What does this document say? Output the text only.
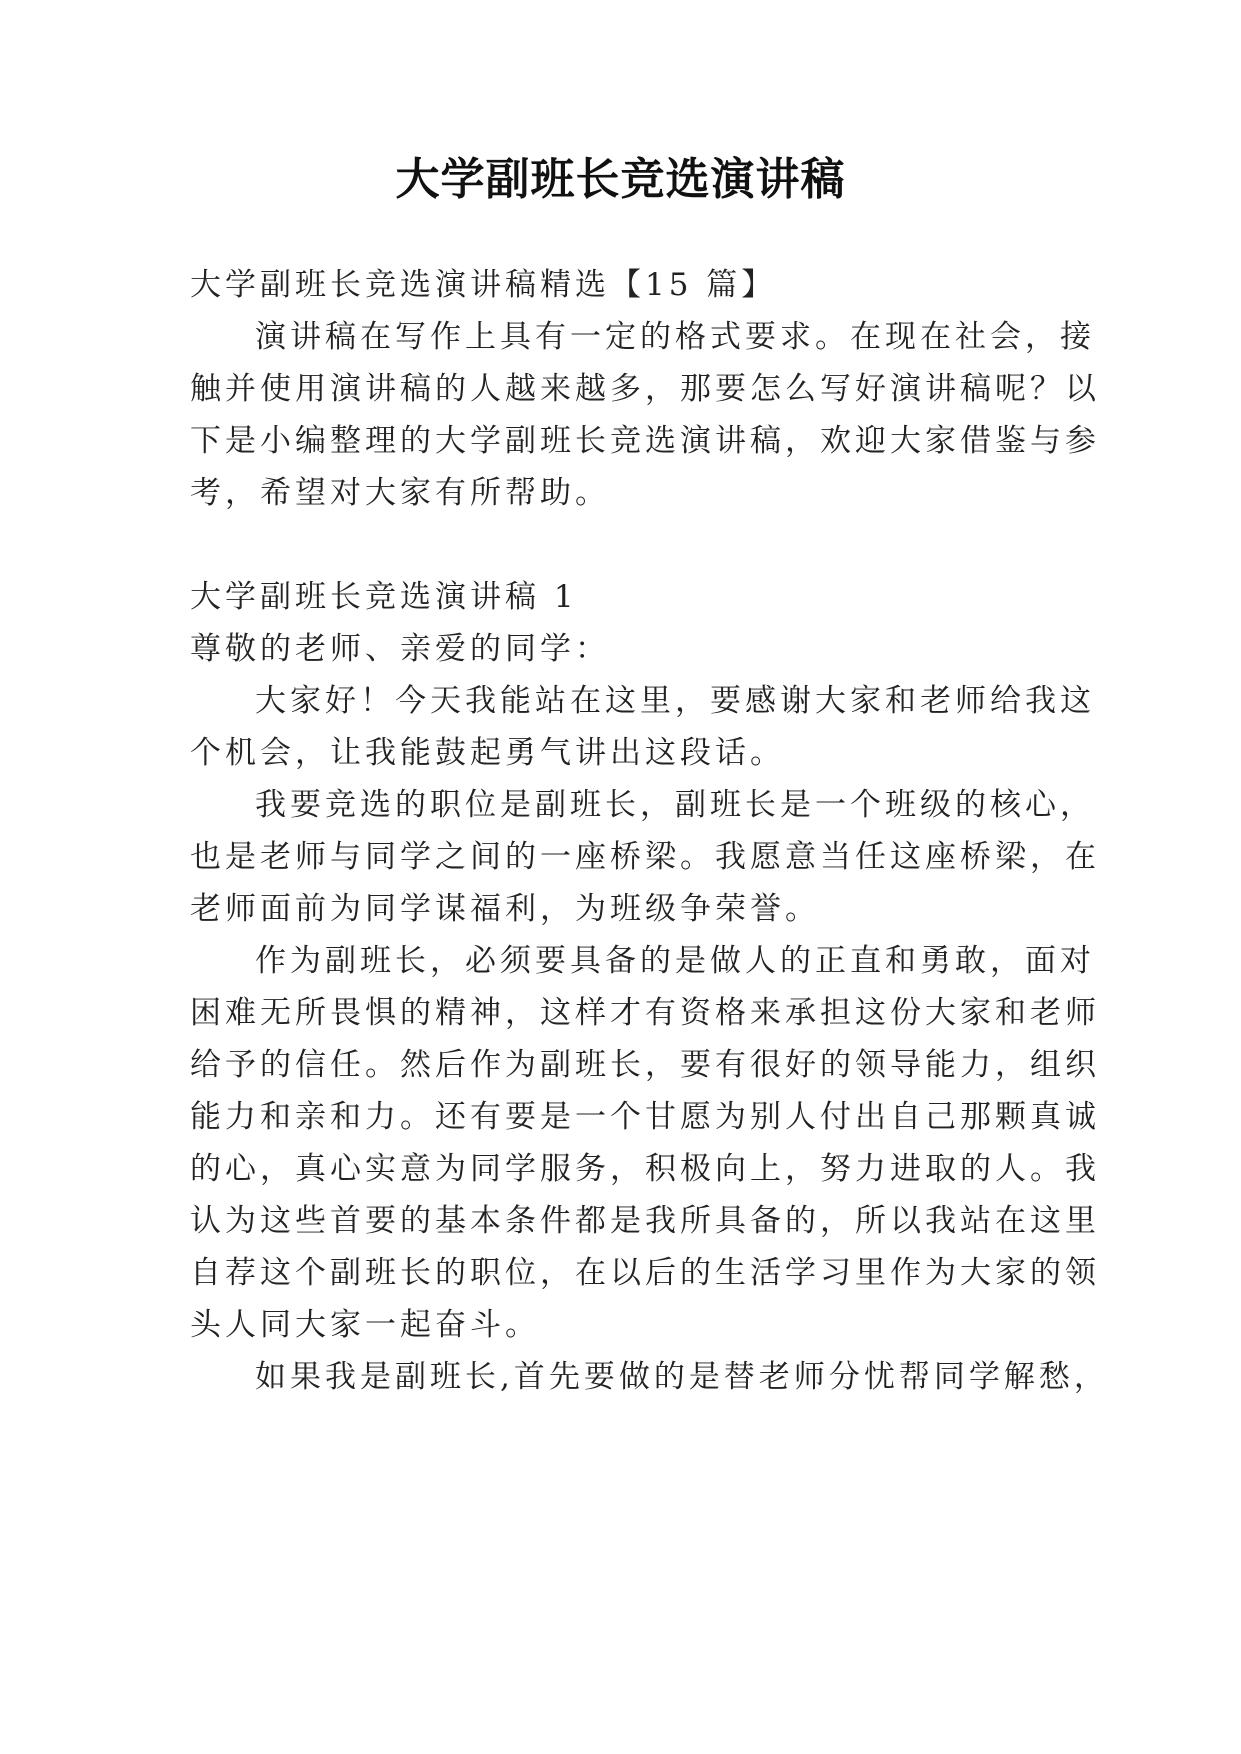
大学副班长竞选演讲稿
大学副班长竞选演讲稿精选【15 篇】
演讲稿在写作上具有一定的格式要求。在现在社会，接
触并使用演讲稿的人越来越多，那要怎么写好演讲稿呢？以
下是小编整理的大学副班长竞选演讲稿，欢迎大家借鉴与参
考，希望对大家有所帮助。
大学副班长竞选演讲稿 1
尊敬的老师、亲爱的同学：
大家好！今天我能站在这里，要感谢大家和老师给我这
个机会，让我能鼓起勇气讲出这段话。
我要竞选的职位是副班长，副班长是一个班级的核心，
也是老师与同学之间的一座桥梁。我愿意当任这座桥梁，在
老师面前为同学谋福利，为班级争荣誉。
作为副班长，必须要具备的是做人的正直和勇敢，面对
困难无所畏惧的精神，这样才有资格来承担这份大家和老师
给予的信任。然后作为副班长，要有很好的领导能力，组织
能力和亲和力。还有要是一个甘愿为别人付出自己那颗真诚
的心，真心实意为同学服务，积极向上，努力进取的人。我
认为这些首要的基本条件都是我所具备的，所以我站在这里
自荐这个副班长的职位，在以后的生活学习里作为大家的领
头人同大家一起奋斗。
如果我是副班长,首先要做的是替老师分忧帮同学解愁，
